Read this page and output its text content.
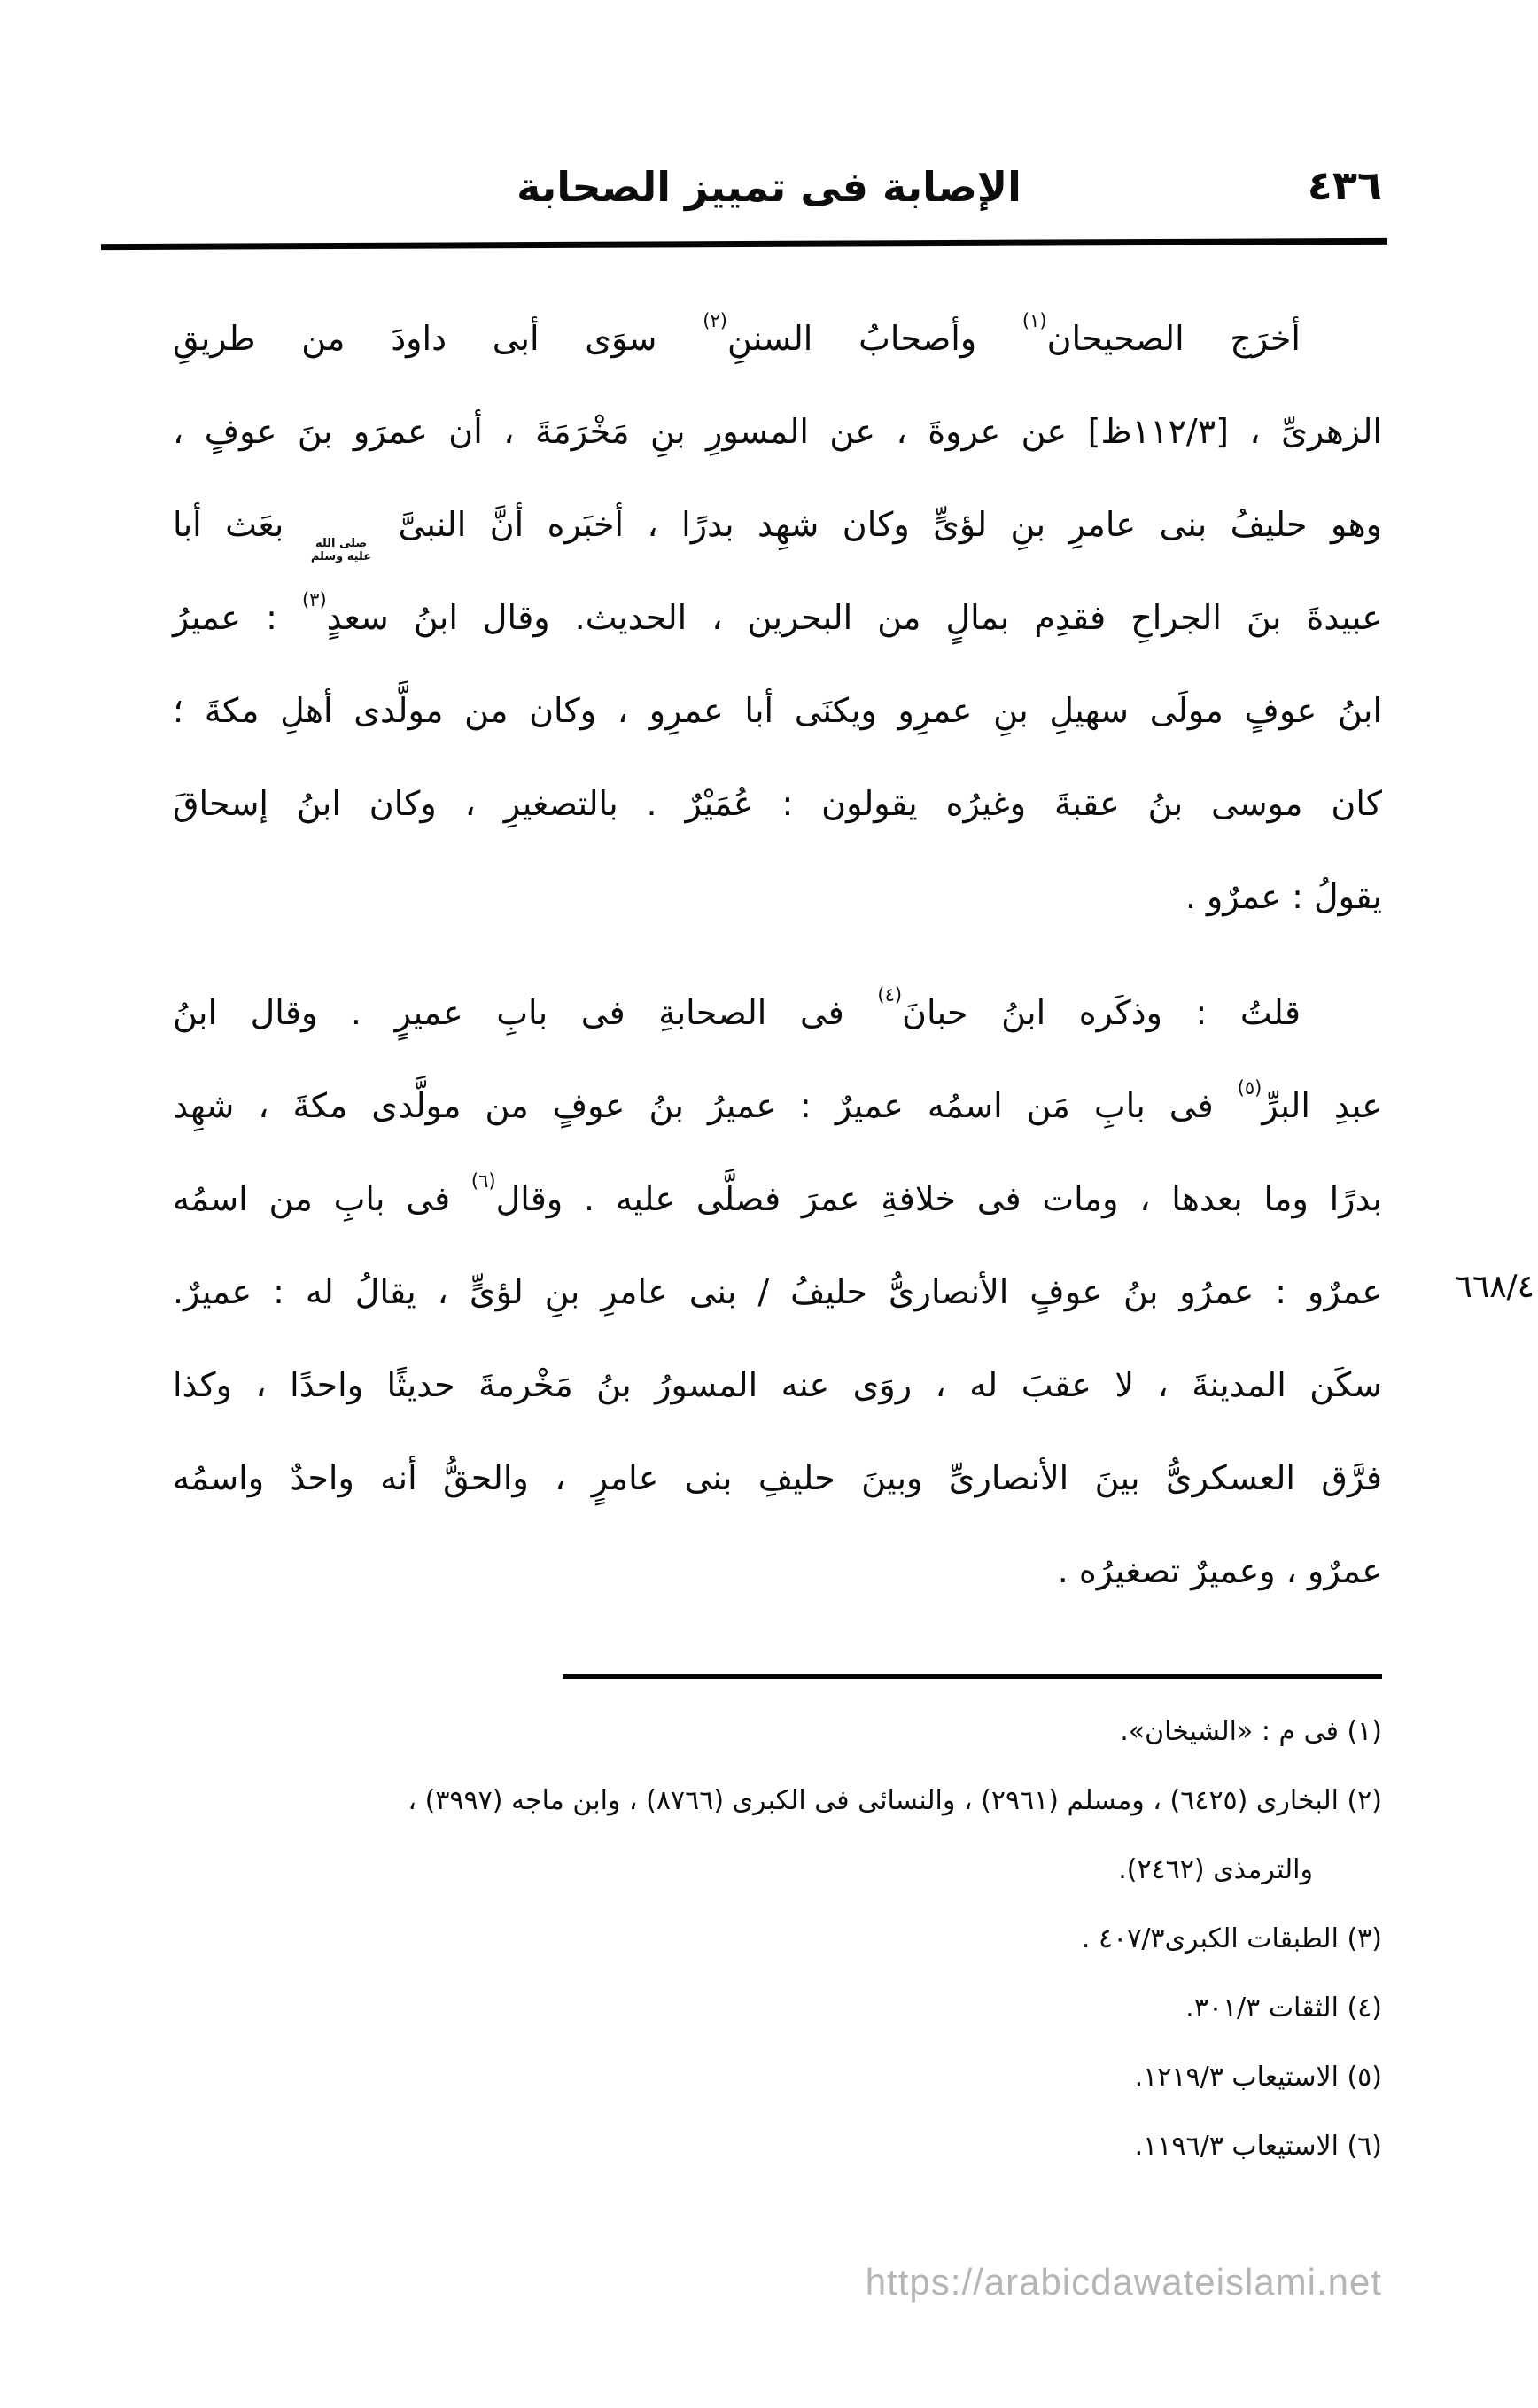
الإصابة فى تمييز الصحابة	٤٣٦
أخرَج الصحيحان$^{(١)}$ وأصحابُ السننِ$^{(٢)}$ سوَى أبى داودَ من طريقِ
الزهرىِّ ، [١١٢/٣ظ] عن عروةَ ، عن المسورِ بنِ مَخْرَمَةَ ، أن عمرَو بنَ عوفٍ ،
وهو حليفُ بنى عامرِ بنِ لؤىٍّ وكان شهِد بدرًا ، أخبَره أنَّ النبىَّ
صلى الله
عليه وسلم
بعَث أبا
عبيدةَ بنَ الجراحِ فقدِم بمالٍ من البحرين ، الحديث. وقال ابنُ سعدٍ$^{(٣)}$ : عميرُ
ابنُ عوفٍ مولَى سهيلِ بنِ عمرِو ويكنَى أبا عمرِو ، وكان من مولَّدى أهلِ مكةَ ؛
كان موسى بنُ عقبةَ وغيرُه يقولون : عُمَيْرٌ . بالتصغيرِ ، وكان ابنُ إسحاقَ
يقولُ : عمرٌو .
قلتُ : وذكَره ابنُ حبانَ$^{(٤)}$ فى الصحابةِ فى بابِ عميرٍ . وقال ابنُ
عبدِ البرِّ$^{(٥)}$ فى بابِ مَن اسمُه عميرٌ : عميرُ بنُ عوفٍ من مولَّدى مكةَ ، شهِد
بدرًا وما بعدها ، ومات فى خلافةِ عمرَ فصلَّى عليه . وقال$^{(٦)}$ فى بابِ من اسمُه
عمرٌو : عمرُو بنُ عوفٍ الأنصارىُّ حليفُ / بنى عامرِ بنِ لؤىٍّ ، يقالُ له : عميرٌ.
سكَن المدينةَ ، لا عقبَ له ، روَى عنه المسورُ بنُ مَخْرمةَ حديثًا واحدًا ، وكذا
فرَّق العسكرىُّ بينَ الأنصارىِّ وبينَ حليفِ بنى عامرٍ ، والحقُّ أنه واحدٌ واسمُه
عمرٌو ، وعميرٌ تصغيرُه .
٦٦٨/٤
(١) فى م : «الشيخان».
(٢) البخارى (٦٤٢٥) ، ومسلم (٢٩٦١) ، والنسائى فى الكبرى (٨٧٦٦) ، وابن ماجه (٣٩٩٧) ،
والترمذى (٢٤٦٢).
(٣) الطبقات الكبرى٤٠٧/٣ .
(٤) الثقات ٣٠١/٣.
(٥) الاستيعاب ١٢١٩/٣.
(٦) الاستيعاب ١١٩٦/٣.
https://arabicdawateislami.net
